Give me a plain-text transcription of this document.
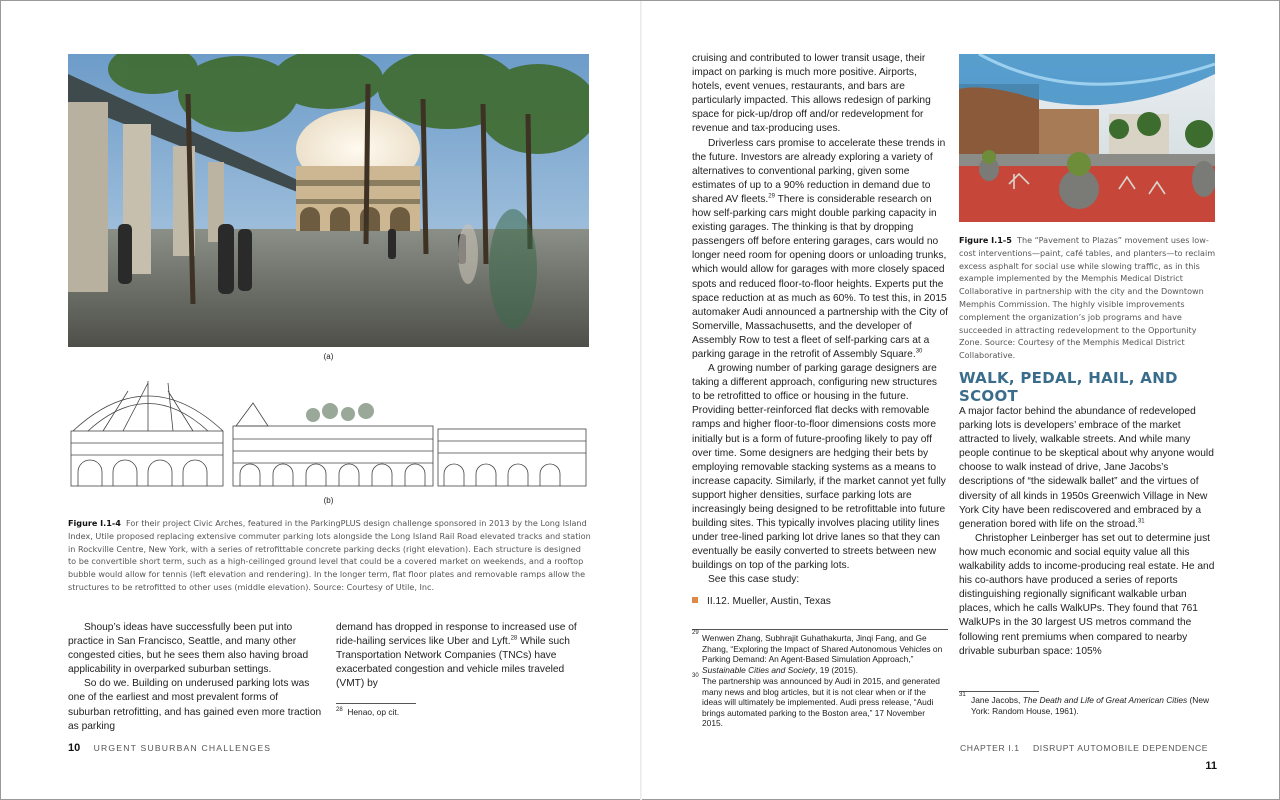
(a)
(b)
Figure I.1-4 For their project Civic Arches, featured in the ParkingPLUS design challenge sponsored in 2013 by the Long Island Index, Utile proposed replacing extensive commuter parking lots alongside the Long Island Rail Road elevated tracks and station in Rockville Centre, New York, with a series of retrofittable concrete parking decks (right elevation). Each structure is designed to be convertible short term, such as a high-ceilinged ground level that could be a covered market on weekends, and a rooftop bubble would allow for tennis (left elevation and rendering). In the longer term, flat floor plates and removable ramps allow the structures to be retrofitted to other uses (middle elevation). Source: Courtesy of Utile, Inc.

Shoup’s ideas have successfully been put into practice in San Francisco, Seattle, and many other congested cities, but he sees them also having broad applicability in overparked suburban settings.

So do we. Building on underused parking lots was one of the earliest and most prevalent forms of suburban retrofitting, and has gained even more traction as parking

demand has dropped in response to increased use of ride-hailing services like Uber and Lyft.$^{28}$ While such Transportation Network Companies (TNCs) have exacerbated congestion and vehicle miles traveled (VMT) by

$^{28}$ Henao, op cit.
10 URGENT SUBURBAN CHALLENGES

cruising and contributed to lower transit usage, their impact on parking is much more positive. Airports, hotels, event venues, restaurants, and bars are particularly impacted. This allows redesign of parking space for pick-up/drop off and/or redevelopment for revenue and tax-producing uses.

Driverless cars promise to accelerate these trends in the future. Investors are already exploring a variety of alternatives to conventional parking, given some estimates of up to a 90% reduction in demand due to shared AV fleets.$^{29}$ There is considerable research on how self-parking cars might double parking capacity in existing garages. The thinking is that by dropping passengers off before entering garages, cars would no longer need room for opening doors or unloading trunks, which would allow for garages with more closely spaced spots and reduced floor-to-floor heights. Experts put the space reduction at as much as 60%. To test this, in 2015 automaker Audi announced a partnership with the City of Somerville, Massachusetts, and the developer of Assembly Row to test a fleet of self-parking cars at a parking garage in the retrofit of Assembly Square.$^{30}$

A growing number of parking garage designers are taking a different approach, configuring new structures to be retrofitted to office or housing in the future. Providing better-reinforced flat decks with removable ramps and higher floor-to-floor dimensions costs more initially but is a form of future-proofing likely to pay off over time. Some designers are hedging their bets by employing removable stacking systems as a means to increase capacity. Similarly, if the market cannot yet fully support higher densities, surface parking lots are increasingly being designed to be retrofittable into future building sites. This typically involves placing utility lines under tree-lined parking lot drive lanes so that they can eventually be easily converted to streets between new buildings on top of the parking lots.

See this case study:

II.12. Mueller, Austin, Texas

29 Wenwen Zhang, Subhrajit Guhathakurta, Jinqi Fang, and Ge Zhang, “Exploring the Impact of Shared Autonomous Vehicles on Parking Demand: An Agent-Based Simulation Approach,” Sustainable Cities and Society, 19 (2015).
30 The partnership was announced by Audi in 2015, and generated many news and blog articles, but it is not clear when or if the ideas will ultimately be implemented. Audi press release, “Audi brings automated parking to the Boston area,” 17 November 2015.
Figure I.1-5 The “Pavement to Plazas” movement uses low-cost interventions—paint, café tables, and planters—to reclaim excess asphalt for social use while slowing traffic, as in this example implemented by the Memphis Medical District Collaborative in partnership with the city and the Downtown Memphis Commission. The highly visible improvements complement the organization’s job programs and have succeeded in attracting redevelopment to the Opportunity Zone. Source: Courtesy of the Memphis Medical District Collaborative.
WALK, PEDAL, HAIL, AND SCOOT

A major factor behind the abundance of redeveloped parking lots is developers’ embrace of the market attracted to lively, walkable streets. And while many people continue to be skeptical about why anyone would choose to walk instead of drive, Jane Jacobs’s descriptions of “the sidewalk ballet” and the virtues of diversity of all kinds in 1950s Greenwich Village in New York City have been rediscovered and embraced by a generation bored with life on the stroad.$^{31}$

Christopher Leinberger has set out to determine just how much economic and social equity value all this walkability adds to income-producing real estate. He and his co-authors have produced a series of reports distinguishing regionally significant walkable urban places, which he calls WalkUPs. They found that 761 WalkUPs in the 30 largest US metros command the following rent premiums when compared to nearby drivable suburban space: 105%

31 Jane Jacobs, The Death and Life of Great American Cities (New York: Random House, 1961).
CHAPTER I.1 DISRUPT AUTOMOBILE DEPENDENCE   11
